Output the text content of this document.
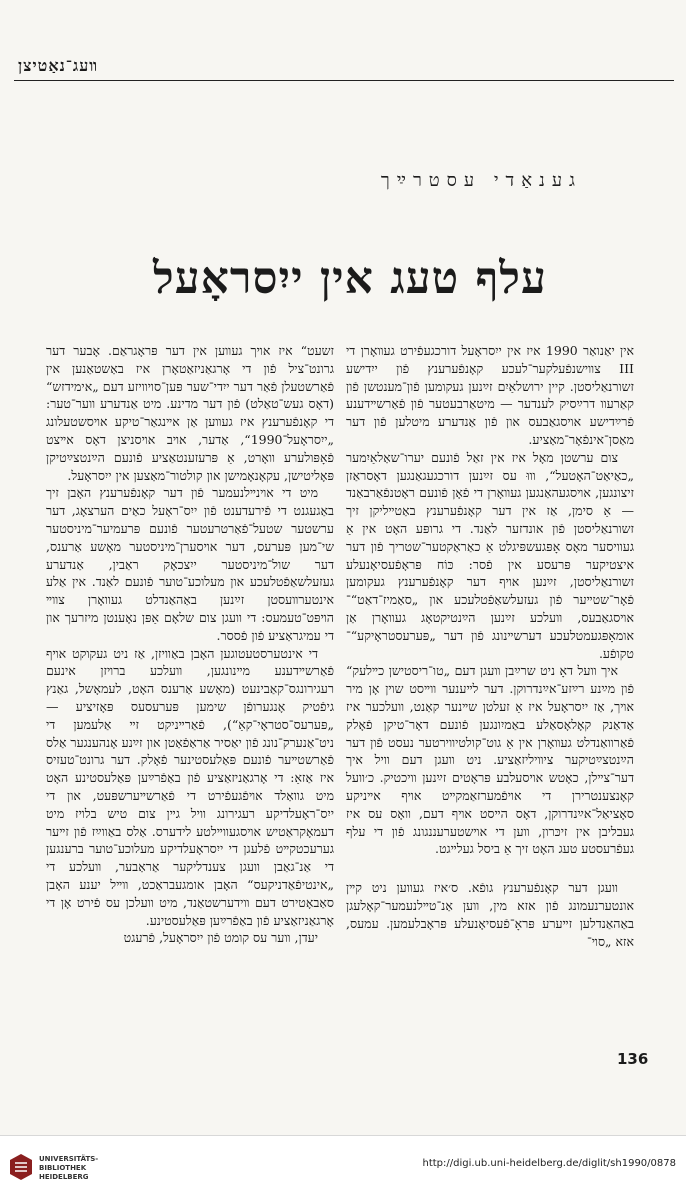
װעג־נאַטיצן
גענאַדי עסטרײַך
עלף טעג אין ייִסראָעל

אין יאַנואַר 1990 איז אין ייִסראָעל דורכגעפֿירט געװאָרן די III צװישנפֿעלקער־לעכע קאָנפֿערענץ פֿון ייִדישע זשורנאַליסטן. קיין ירושלאַיִם זײַנען געקומען פֿון־מענטשן פֿון קאַרעװ דרײַסיק לענדער — מיטאַרבעטער פֿון פֿאַרשײדענע פֿרײַדישע אױסגאַבעס און פֿון אַנדערע מיטלען פֿון דער מאַסן־אינפֿאָר־מאַציע.

צום ערשטן מאָל איז אין זאַל פֿונעם יערו־שאַלאַיִמער „כאַיאַט־האָטעל“, װוּ עס זײַנען דורכגעגאַנגען דאָסראַזן זיצונגען, אױסגעהאַנגען געװאָרן די פֿאָן פֿונעם ראָטנפֿאַרבאַנד — אַ סימן, אַז אין דער קאָנפֿערענץ באַטײליקן זיך זשורנאַליסטן פֿון אונדזער לאַנד. די גרופּע האָט אין אַ געװיסער מאָס אָפּגעשפּיגלט אַ כאַראַקטער־שטריך פֿון דער איצטיקער פּרעסע אין פֿסר: כּוֹח פּראָפֿעסיאָנעלע זשורנאַליסטן, זײַנען אױף דער קאָנפֿערענץ געקומען פֿאָר־שטײער פֿון געזעלשאַפֿטלעכע און „סאַמיז־דאַט“־אױסגאַבעס, װעלכע זײַנען הײַנטיקטאָג געװאָרן אַן אומאָפּגעמטלעכע דערשײנונג פֿון דער „פּערעסטראָיקע“־טקופֿע.

איך װעל דאָ ניט שרײַבן װעגן דעם „טו־ריסטישן כײלעק“ פֿון מײַנע רײַזע־אײַנדרוקן. דער לײענער װײסט שױן אָן מיר אױך, אַז ייִסראָעל איז אַ זעלטן שײנער קאַנט, װעלכער איז אַדאַנק קאָלאָסאַלע באַמיִונגען פֿונעם דאָר־טיקן פֿאָלק פֿאַרװאַנדלט געװאָרן אין אַ גוט־קולטיװירטער נעסט פֿון דער הײַנטצײַטיקער ציװיליזאַציע. ניט װעגן דעם װיל איך דער־צײלן, כאָטש אױסעלבע פּראָטים זײַנען װיכטיק. כ׳װעל קאָנצענטרירן די אױפֿמערזאַמקײט אױף אײניקע סאָציאַל־אײַנדרוקן, דאָס הײסט אױף דעם, װאָס עס איז געבליבן אין זיכּרון, װען די אױשטערעננגונג פֿון די עלף געפֿרעסטע טעג האָט זיך אַ ביסל געלײגט.

װעגן דער קאָנפֿערענץ גופֿא. ס׳איז געװען ניט קײן אונטערנעמונג פֿון אזא מין, װען אַנ־טײלנעמער־קאָלעגן באַהאַנדלען זײערע פּראָ־פֿעסיאָנעלע פּראָבלעמען. עמעס, אזא „סױ־

זשעט“ איז אױך געװען אין דער פּראָגראַם. אָבער דער גרונט־ציל פֿון די אָרגאַניזאַטאָרן איז באַשטאַנען אין פֿאַרשטעלן פֿאַר דער ייִדי־שער פּען־סױװיזע דעם „אימידזש“ (דאָס געש־טאַלט) פֿון דער מדינע. מיט אַנדערע װער־טער: די קאָנפֿערענץ איז געװען אַן אײנגאַר־טיקע אױסשטעלונג „ייִסראָעל־1990“, אַדער, אױב אױסניצן דאָס אײצט פֿאָפּולערע װאָרט, אַ פּרעזענטאַציע פֿונעם הײַנטצײַטיקן פּאָליטישן, עקאָנאָמישן און קולטור־מאַצען אין ייִסראָעל.

מיט די אױנײלנעמער פֿון דער קאָנפֿערענץ האָבן זיך באַגעגנט די פֿירעדענט פֿון ייִס־ראָעל כאַים הערצאָג, דער ערשטער שטעל־פֿאַרטרעטער פֿונעם פּרעמיער־מיניסטער שי־מען פּערעס, דער אױסערן־מיניסטער מאָשע אַרענס, דער שול־מיניסטער ייִצכאָק ראַבין, אַנדערע געזעלשאַפֿטלעכע און מעלוכע־טוער פֿונעם לאַנד. אין אַלע אינטערװעסטן זײַנען באַהאַנדלט געװאָרן צװײ הױפּט־טעמעס: די װעגן צום שלאָם אַפּן נאָענטן מיזרעך און די עמיגראַציע פֿון פֿססר.

די אינטערסטעטוגען האָבן באַװיזן, אַז ניט געקוקט אױף פֿאַרשײדענע מײנונגען, װעלכע ברױזן אינעם רעגירונגס־קאַבינעט (מאָשע אַרענס האָט, לעמאָשל, גאַנץ גיפֿטיק אָנגערופֿן שימען פּערעסעס פּאָזיציע — „פּערעס־סטראָי־קאַ“), פֿאַרײניקט זײ אַלעמען די ניט־אַנערק־נונג פֿון יאַסיר אַראַפֿאַטן און זײַנע אָנהענגער אַלס פֿאַרשטײער פֿונעם פּאַלעסטינער פֿאָלק. דער גרונט־טעזיס איז אַזאַ: די אָרגאַניזאַציע פֿון באַפֿרײַען פּאַלעסטינע האָט מיט גװאַלד אױפֿגעפֿירט די פֿאַרשײערשפּעט, און די ייִס־ראָעלדיקע רעגירונג װיל גײן צום טיש בלױז מיט דעמאָקראַטיש אױסגעװײלטע לידערס. אַלס באַװײַז פֿון זײער גערעכטקײט פֿלעגן די ייִסראָעלדיקע מעלוכע־טוער ברענגען די אַנ־גאַבן װעגן צענדליקער אַראַבער, װעלכע די „אינטיפֿאַדניקעס“ האָבן אומגעבראַכט, װײל יענע האָבן סאַבאָטירט דעם װידערשטאַנד, מיט װעלכן עס פֿירט אָן די אָרגאַניזאַציע פֿון באַפֿרײַען פּאַלעסטינע.

יעדן, װער עס קומט פֿון ייִסראָעל, פֿרעגט

136
UNIVERSITÄTS-
BIBLIOTHEK
HEIDELBERG
http://digi.ub.uni-heidelberg.de/diglit/sh1990/0878
